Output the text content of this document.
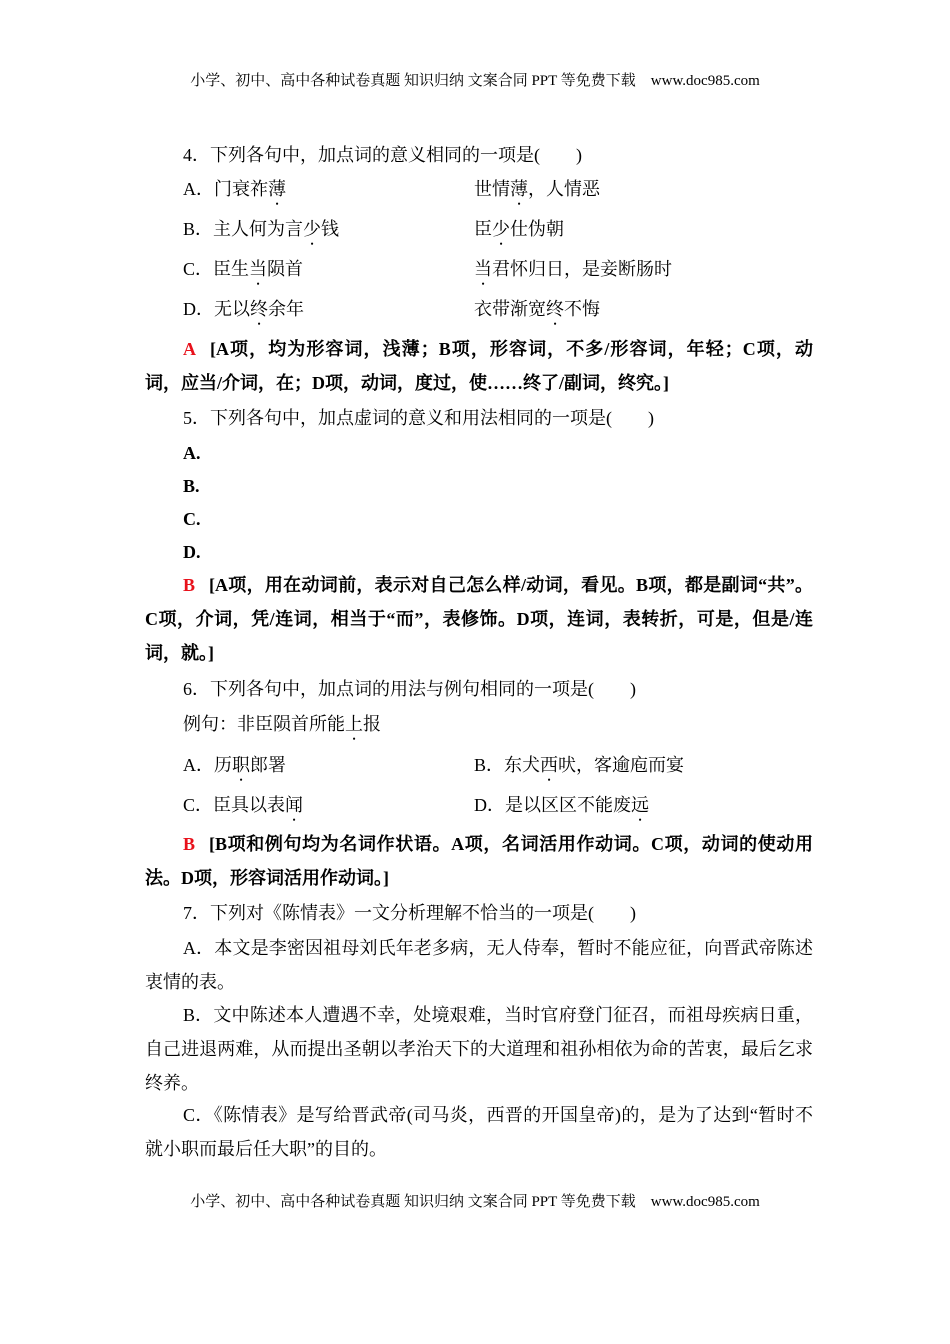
小学、初中、高中各种试卷真题 知识归纳 文案合同 PPT 等免费下载　www.doc985.com
4．下列各句中，加点词的意义相同的一项是(　　)
A．门衰祚薄	世情薄，人情恶
B．主人何为言少钱	臣少仕伪朝
C．臣生当陨首	当君怀归日，是妾断肠时
D．无以终余年	衣带渐宽终不悔
A [A项，均为形容词，浅薄；B项，形容词，不多/形容词，年轻；C项，动词，应当/介词，在；D项，动词，度过，使……终了/副词，终究。]
5．下列各句中，加点虚词的意义和用法相同的一项是(　　)
A.
B.
C.
D.
B [A项，用在动词前，表示对自己怎么样/动词，看见。B项，都是副词“共”。C项，介词，凭/连词，相当于“而”，表修饰。D项，连词，表转折，可是，但是/连词，就。]
6．下列各句中，加点词的用法与例句相同的一项是(　　)
例句：非臣陨首所能上报
A．历职郎署	B．东犬西吠，客逾庖而宴
C．臣具以表闻	D．是以区区不能废远
B [B项和例句均为名词作状语。A项，名词活用作动词。C项，动词的使动用法。D项，形容词活用作动词。]
7．下列对《陈情表》一文分析理解不恰当的一项是(　　)
A．本文是李密因祖母刘氏年老多病，无人侍奉，暂时不能应征，向晋武帝陈述衷情的表。
B．文中陈述本人遭遇不幸，处境艰难，当时官府登门征召，而祖母疾病日重，自己进退两难，从而提出圣朝以孝治天下的大道理和祖孙相依为命的苦衷，最后乞求终养。
C．《陈情表》是写给晋武帝(司马炎，西晋的开国皇帝)的，是为了达到“暂时不就小职而最后任大职”的目的。
小学、初中、高中各种试卷真题 知识归纳 文案合同 PPT 等免费下载　www.doc985.com
